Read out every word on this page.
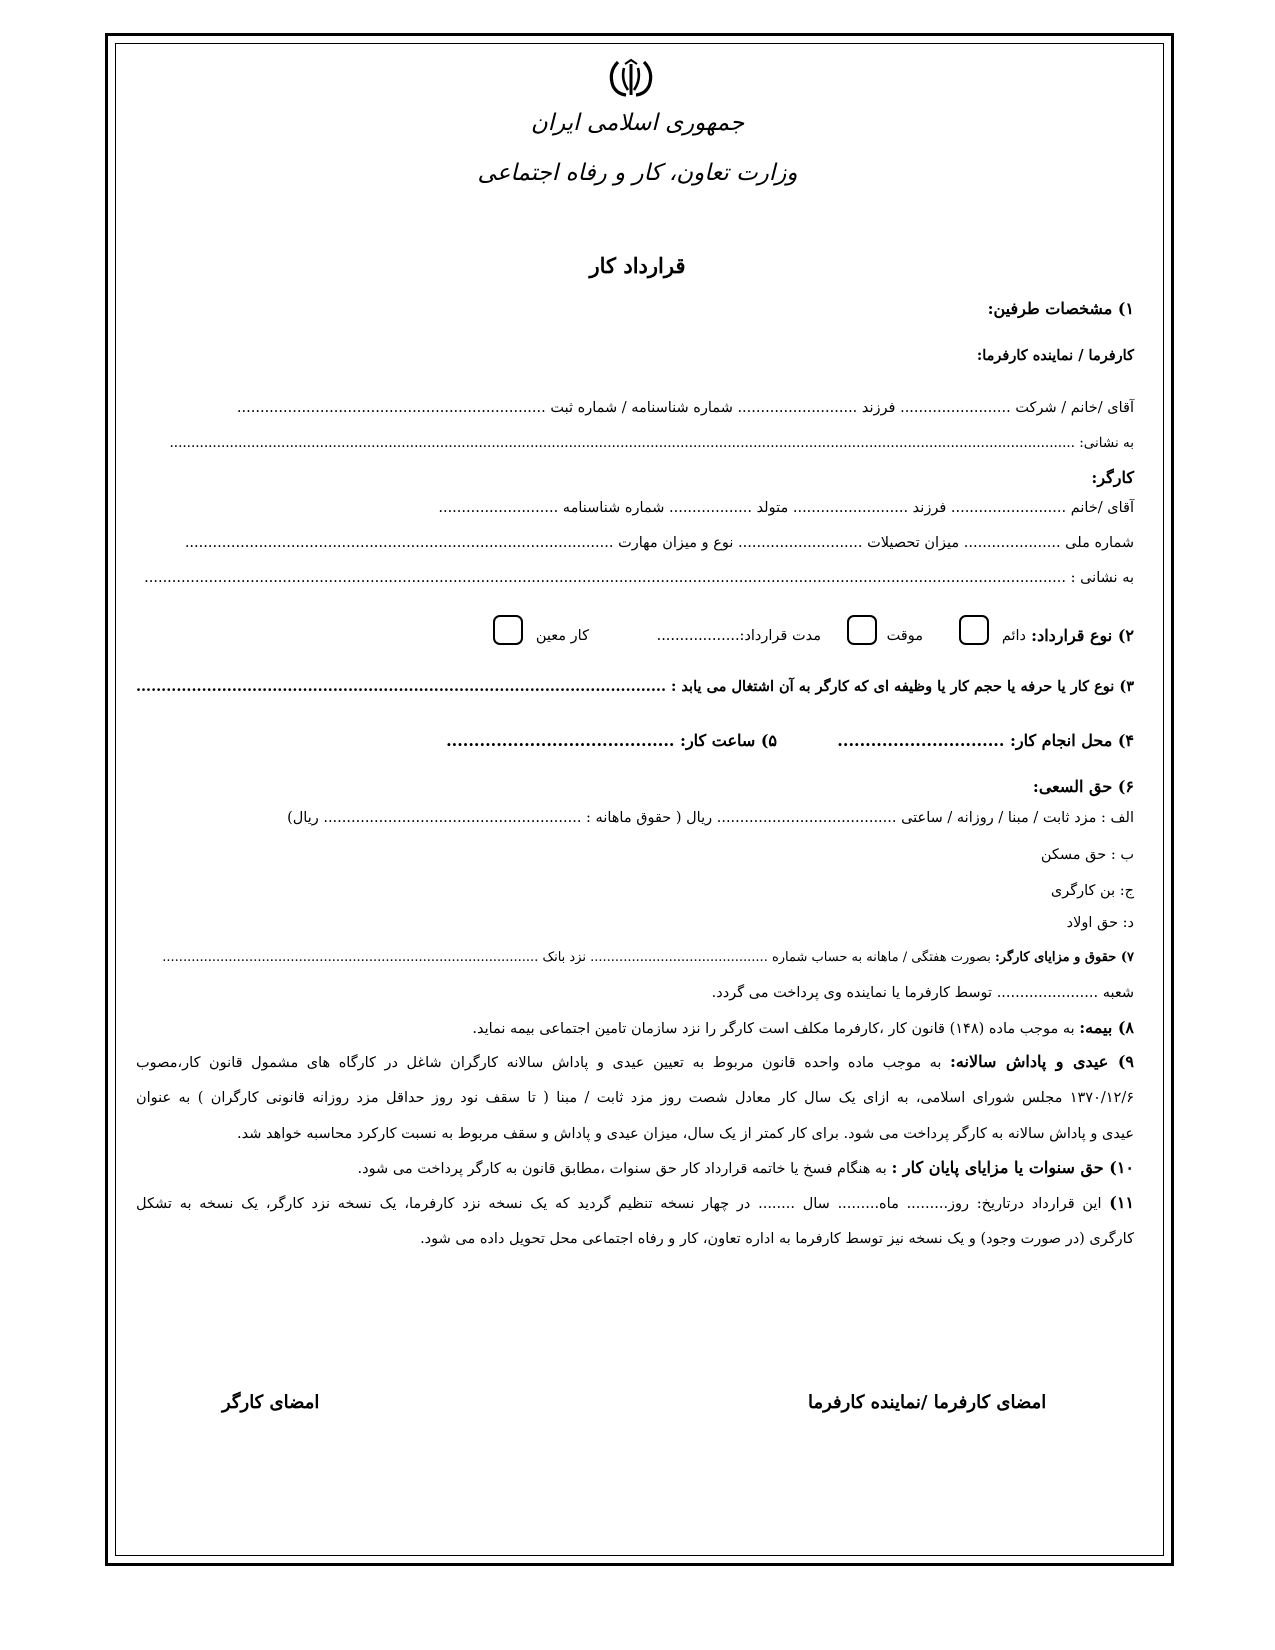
جمهوری اسلامی ایران
وزارت تعاون، کار و رفاه اجتماعی
قرارداد کار
۱) مشخصات طرفین:
کارفرما / نماینده کارفرما:
آقای /خانم / شرکت ........................ فرزند .......................... شماره شناسنامه / شماره ثبت ...................................................................
به نشانی: ...................................................................................................................................................................................................................
کارگر:
آقای /خانم ......................... فرزند ......................... متولد .................. شماره شناسنامه ..........................
شماره ملی ..................... میزان تحصیلات ........................... نوع و میزان مهارت .............................................................................................
به نشانی : ........................................................................................................................................................................................................
۲) نوع قرارداد:
دائم
موقت
مدت قرارداد:..................
کار معین
۳) نوع کار یا حرفه یا حجم کار یا وظیفه ای که کارگر به آن اشتغال می یابد : .........................................................................................................
۴) محل انجام کار: ..............................
۵) ساعت کار: .........................................
۶) حق السعی:
الف : مزد ثابت / مبنا / روزانه / ساعتی ....................................... ریال ( حقوق ماهانه : ........................................................ ریال)
ب : حق مسکن
ج: بن کارگری
د: حق اولاد
۷) حقوق و مزایای کارگر: بصورت هفتگی / ماهانه به حساب شماره ........................................... نزد بانک ...........................................................................................
شعبه ...................... توسط کارفرما یا نماینده وی پرداخت می گردد.
۸) بیمه: به موجب ماده (۱۴۸) قانون کار ،کارفرما مکلف است کارگر را نزد سازمان تامین اجتماعی بیمه نماید.
۹) عیدی و پاداش سالانه: به موجب ماده واحده قانون مربوط به تعیین عیدی و پاداش سالانه کارگران شاغل در کارگاه های مشمول قانون کار،مصوب
۱۳۷۰/۱۲/۶ مجلس شورای اسلامی، به ازای یک سال کار معادل شصت روز مزد ثابت / مبنا ( تا سقف نود روز حداقل مزد روزانه قانونی کارگران ) به عنوان
عیدی و پاداش سالانه به کارگر پرداخت می شود. برای کار کمتر از یک سال، میزان عیدی و پاداش و سقف مربوط به نسبت کارکرد محاسبه خواهد شد.
۱۰) حق سنوات یا مزایای پایان کار : به هنگام فسخ یا خاتمه قرارداد کار حق سنوات ،مطابق قانون به کارگر پرداخت می شود.
۱۱) این قرارداد درتاریخ: روز......... ماه......... سال ........ در چهار نسخه تنظیم گردید که یک نسخه نزد کارفرما، یک نسخه نزد کارگر، یک نسخه به تشکل
کارگری (در صورت وجود) و یک نسخه نیز توسط کارفرما به اداره تعاون، کار و رفاه اجتماعی محل تحویل داده می شود.
امضای کارفرما /نماینده کارفرما
امضای کارگر
